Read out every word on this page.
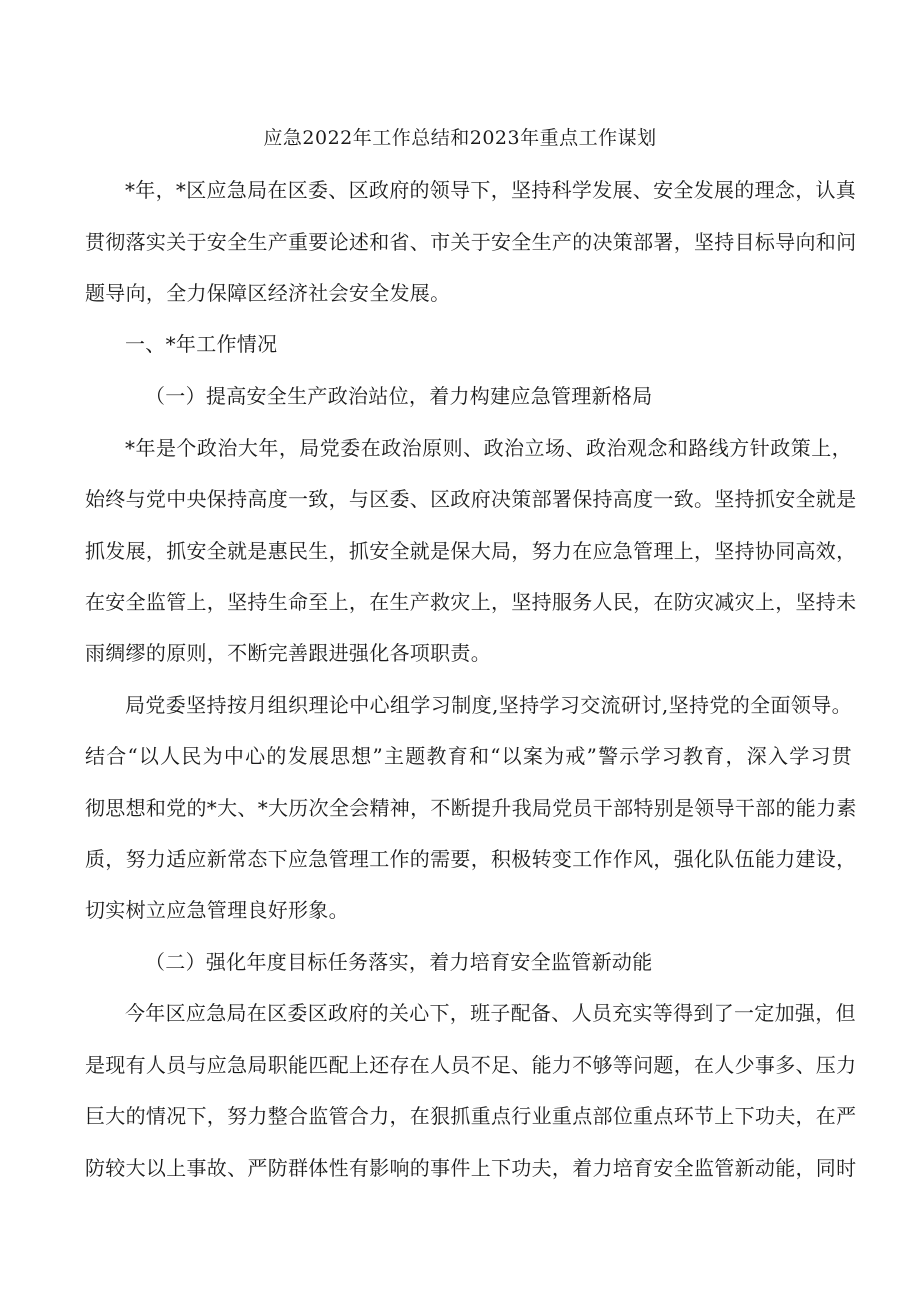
应急2022年工作总结和2023年重点工作谋划
*年，*区应急局在区委、区政府的领导下，坚持科学发展、安全发展的理念，认真
贯彻落实关于安全生产重要论述和省、市关于安全生产的决策部署，坚持目标导向和问
题导向，全力保障区经济社会安全发展。
一、*年工作情况
（一）提高安全生产政治站位，着力构建应急管理新格局
*年是个政治大年，局党委在政治原则、政治立场、政治观念和路线方针政策上，
始终与党中央保持高度一致，与区委、区政府决策部署保持高度一致。坚持抓安全就是
抓发展，抓安全就是惠民生，抓安全就是保大局，努力在应急管理上，坚持协同高效，
在安全监管上，坚持生命至上，在生产救灾上，坚持服务人民，在防灾减灾上，坚持未
雨绸缪的原则，不断完善跟进强化各项职责。
局党委坚持按月组织理论中心组学习制度,坚持学习交流研讨,坚持党的全面领导。
结合“以人民为中心的发展思想”主题教育和“以案为戒”警示学习教育，深入学习贯
彻思想和党的*大、*大历次全会精神，不断提升我局党员干部特别是领导干部的能力素
质，努力适应新常态下应急管理工作的需要，积极转变工作作风，强化队伍能力建设，
切实树立应急管理良好形象。
（二）强化年度目标任务落实，着力培育安全监管新动能
今年区应急局在区委区政府的关心下，班子配备、人员充实等得到了一定加强，但
是现有人员与应急局职能匹配上还存在人员不足、能力不够等问题，在人少事多、压力
巨大的情况下，努力整合监管合力，在狠抓重点行业重点部位重点环节上下功夫，在严
防较大以上事故、严防群体性有影响的事件上下功夫，着力培育安全监管新动能，同时
